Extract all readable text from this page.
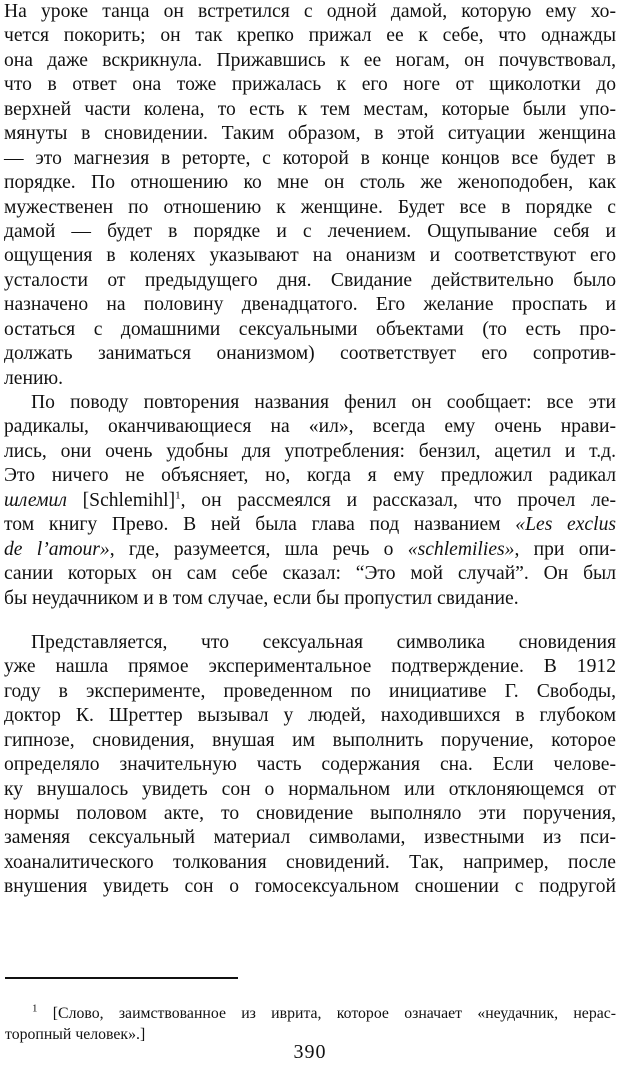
На уроке танца он встретился с одной дамой, которую ему хо-
чется покорить; он так крепко прижал ее к себе, что однажды
она даже вскрикнула. Прижавшись к ее ногам, он почувствовал,
что в ответ она тоже прижалась к его ноге от щиколотки до
верхней части колена, то есть к тем местам, которые были упо-
мянуты в сновидении. Таким образом, в этой ситуации женщина
— это магнезия в реторте, с которой в конце концов все будет в
порядке. По отношению ко мне он столь же женоподобен, как
мужественен по отношению к женщине. Будет все в порядке с
дамой — будет в порядке и с лечением. Ощупывание себя и
ощущения в коленях указывают на онанизм и соответствуют его
усталости от предыдущего дня. Свидание действительно было
назначено на половину двенадцатого. Его желание проспать и
остаться с домашними сексуальными объектами (то есть про-
должать заниматься онанизмом) соответствует его сопротив-
лению.
По поводу повторения названия фенил он сообщает: все эти
радикалы, оканчивающиеся на «ил», всегда ему очень нрави-
лись, они очень удобны для употребления: бензил, ацетил и т.д.
Это ничего не объясняет, но, когда я ему предложил радикал
шлемил [Schlemihl]$^1$, он рассмеялся и рассказал, что прочел ле-
том книгу Прево. В ней была глава под названием «Les exclus
de l’amour», где, разумеется, шла речь о «schlemilies», при опи-
сании которых он сам себе сказал: “Это мой случай”. Он был
бы неудачником и в том случае, если бы пропустил свидание.
Представляется, что сексуальная символика сновидения
уже нашла прямое экспериментальное подтверждение. В 1912
году в эксперименте, проведенном по инициативе Г. Свободы,
доктор К. Шреттер вызывал у людей, находившихся в глубоком
гипнозе, сновидения, внушая им выполнить поручение, которое
определяло значительную часть содержания сна. Если челове-
ку внушалось увидеть сон о нормальном или отклоняющемся от
нормы половом акте, то сновидение выполняло эти поручения,
заменяя сексуальный материал символами, известными из пси-
хоаналитического толкования сновидений. Так, например, после
внушения увидеть сон о гомосексуальном сношении с подругой
$^1$ [Слово, заимствованное из иврита, которое означает «неудачник, нерас-
торопный человек».]
390
